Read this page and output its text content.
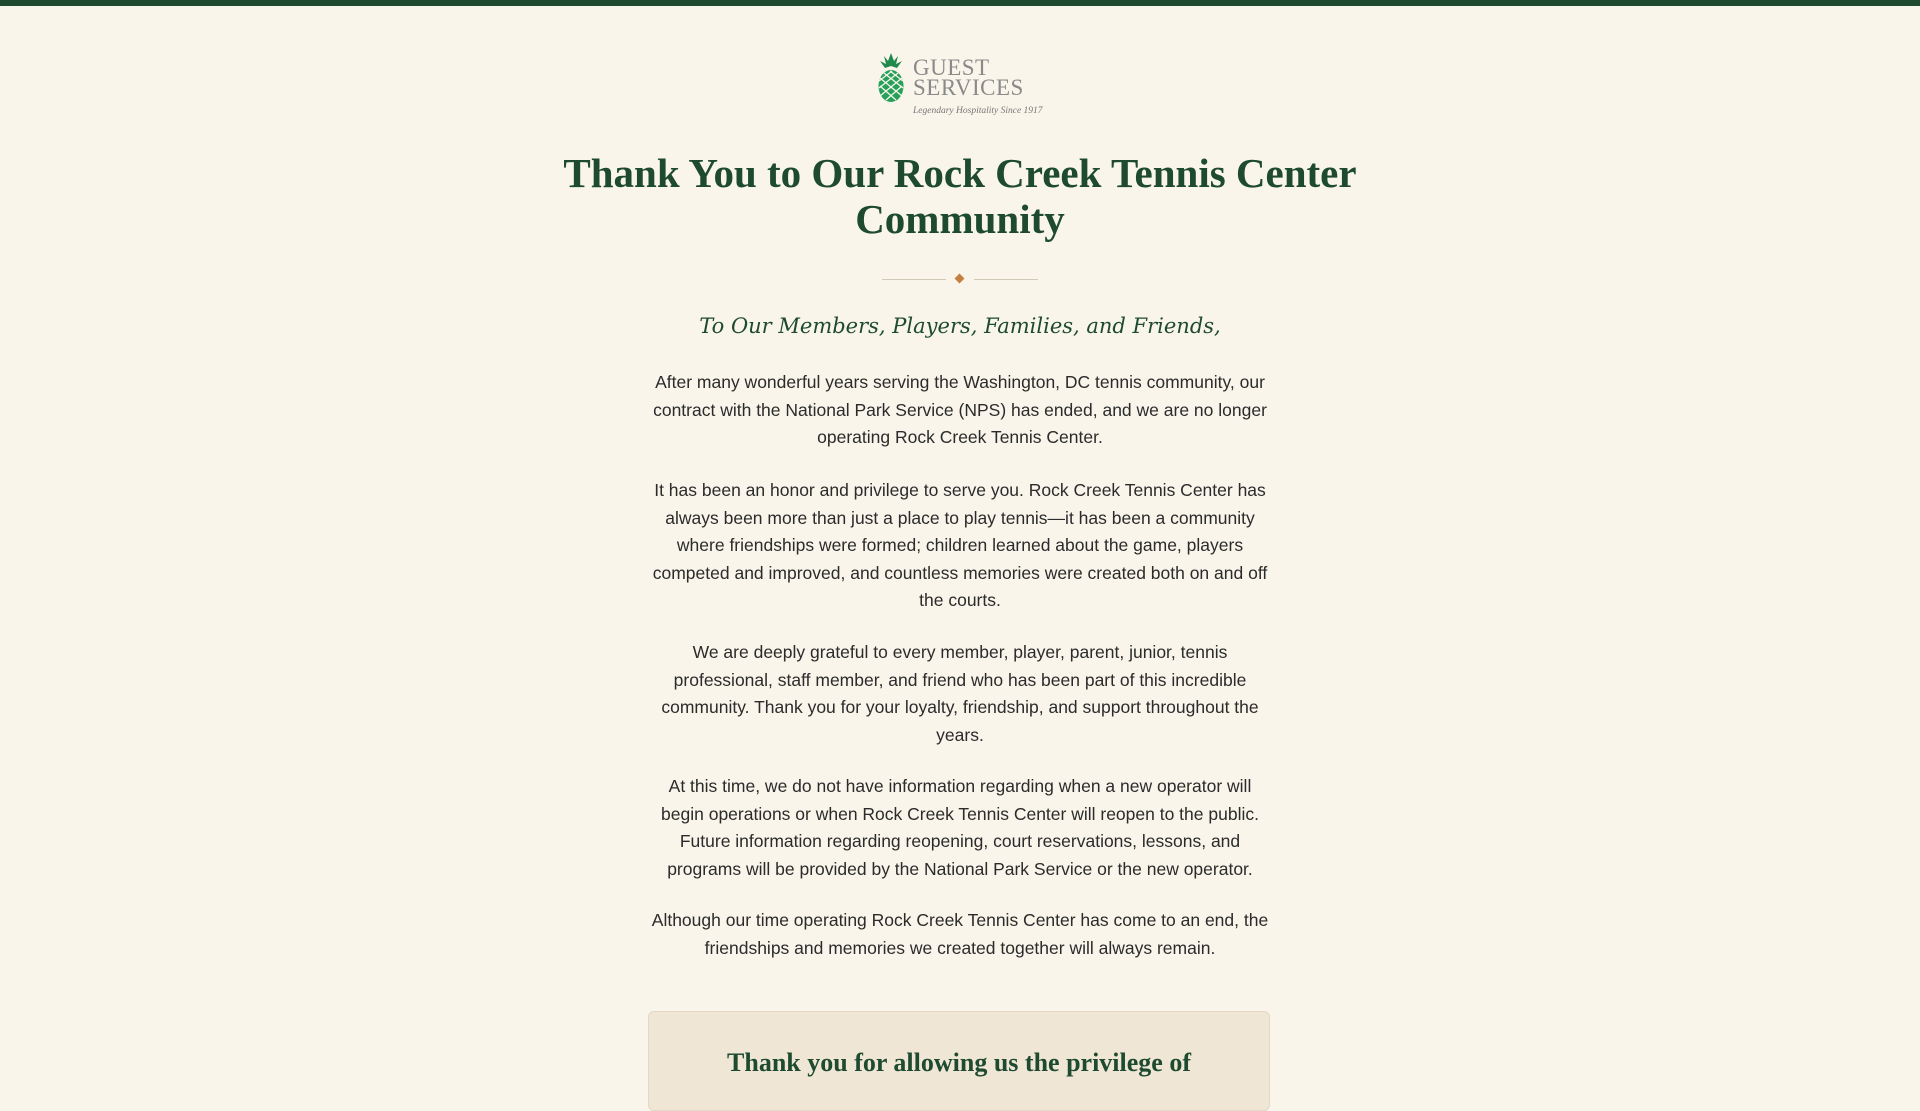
GUEST
SERVICES
Legendary Hospitality Since 1917
Thank You to Our Rock Creek Tennis Center Community

To Our Members, Players, Families, and Friends,

After many wonderful years serving the Washington, DC tennis community, our contract with the National Park Service (NPS) has ended, and we are no longer operating Rock Creek Tennis Center.

It has been an honor and privilege to serve you. Rock Creek Tennis Center has always been more than just a place to play tennis—it has been a community where friendships were formed; children learned about the game, players competed and improved, and countless memories were created both on and off the courts.

We are deeply grateful to every member, player, parent, junior, tennis professional, staff member, and friend who has been part of this incredible community. Thank you for your loyalty, friendship, and support throughout the years.

At this time, we do not have information regarding when a new operator will begin operations or when Rock Creek Tennis Center will reopen to the public. Future information regarding reopening, court reservations, lessons, and programs will be provided by the National Park Service or the new operator.

Although our time operating Rock Creek Tennis Center has come to an end, the friendships and memories we created together will always remain.

Thank you for allowing us the privilege of
